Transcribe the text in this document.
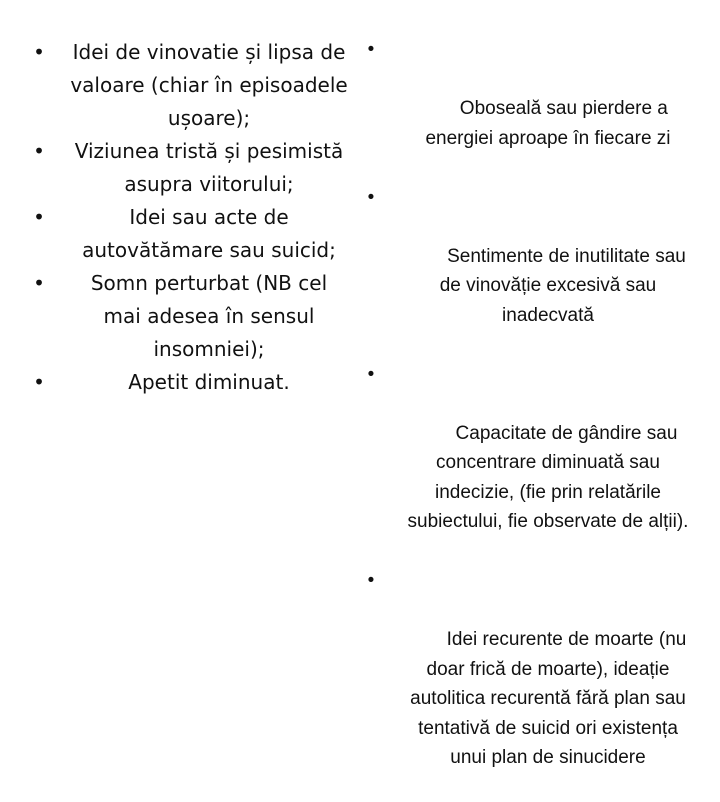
• Idei de vinovatie și lipsa de valoare (chiar în episoadele ușoare);
• Viziunea tristă și pesimistă asupra viitorului;
•	Idei sau acte de autovătămare sau suicid;
• Somn perturbat (NB cel mai adesea în sensul insomniei);
•	Apetit diminuat.

•

Oboseală sau pierdere a energiei aproape în fiecare zi

•

Sentimente de inutilitate sau de vinovăție excesivă sau inadecvată

•

Capacitate de gândire sau concentrare diminuată sau indecizie, (fie prin relatările subiectului, fie observate de alții).

•

Idei recurente de moarte (nu doar frică de moarte), ideație autolitica recurentă fără plan sau tentativă de suicid ori existența unui plan de sinucidere
